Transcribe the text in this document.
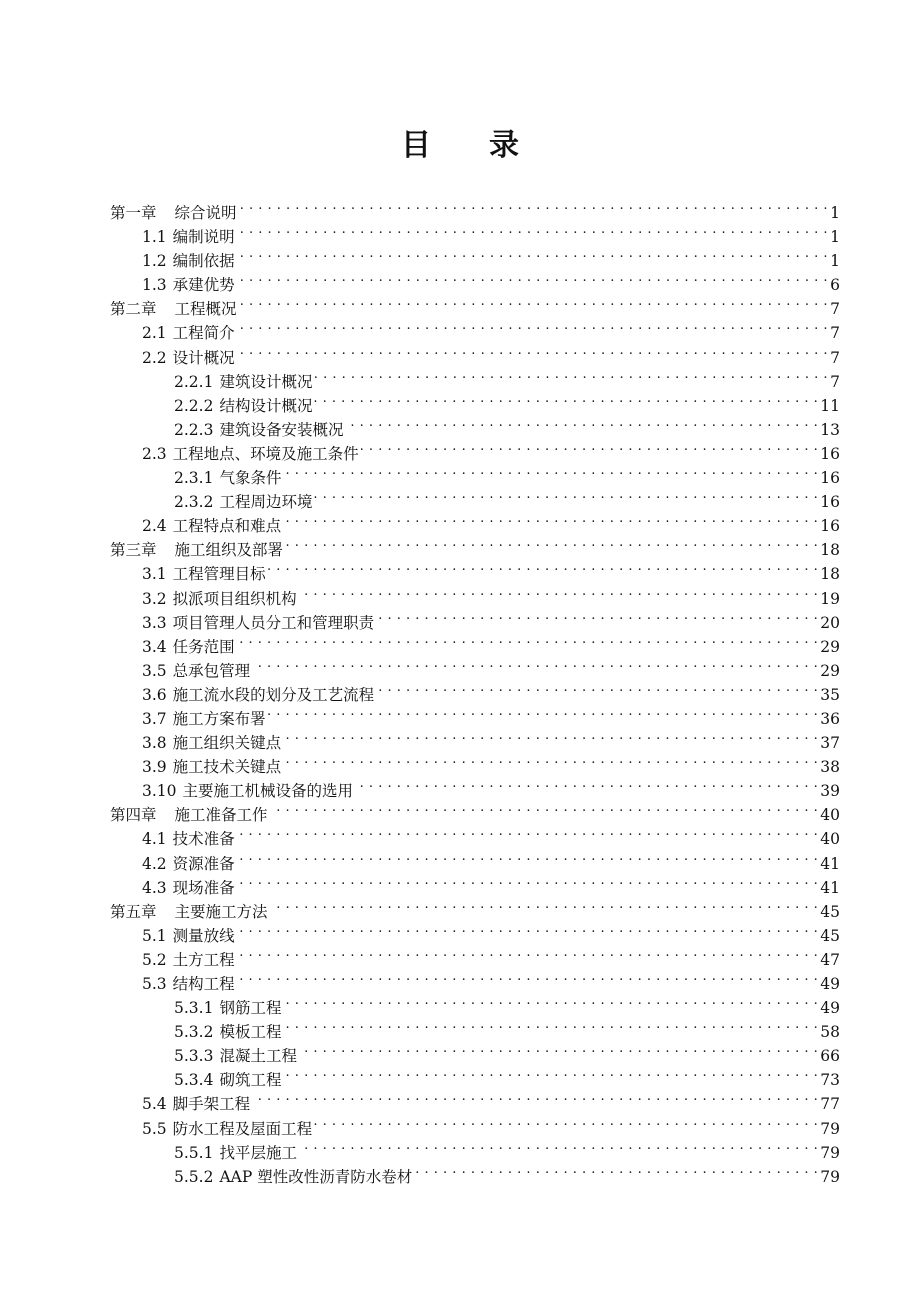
目 录
第一章 综合说明 . . .	1
1.1 编制说明 . . .	1
1.2 编制依据 . . .	1
1.3 承建优势 . . .	6
第二章 工程概况 . . .	7
2.1 工程简介 . . .	7
2.2 设计概况 . . .	7
2.2.1 建筑设计概况 . . .	7
2.2.2 结构设计概况 . . .	11
2.2.3 建筑设备安装概况 . . .	13
2.3 工程地点、环境及施工条件 . . .	16
2.3.1 气象条件 . . .	16
2.3.2 工程周边环境 . . .	16
2.4 工程特点和难点 . . .	16
第三章 施工组织及部署 . . .	18
3.1 工程管理目标 . . .	18
3.2 拟派项目组织机构 . . .	19
3.3 项目管理人员分工和管理职责 . . .	20
3.4 任务范围 . . .	29
3.5 总承包管理 . . .	29
3.6 施工流水段的划分及工艺流程 . . .	35
3.7 施工方案布署 . . .	36
3.8 施工组织关键点 . . .	37
3.9 施工技术关键点 . . .	38
3.10 主要施工机械设备的选用 . . .	39
第四章 施工准备工作 . . .	40
4.1 技术准备 . . .	40
4.2 资源准备 . . .	41
4.3 现场准备 . . .	41
第五章 主要施工方法 . . .	45
5.1 测量放线 . . .	45
5.2 土方工程 . . .	47
5.3 结构工程 . . .	49
5.3.1 钢筋工程 . . .	49
5.3.2 模板工程 . . .	58
5.3.3 混凝土工程 . . .	66
5.3.4 砌筑工程 . . .	73
5.4 脚手架工程 . . .	77
5.5 防水工程及屋面工程 . . .	79
5.5.1 找平层施工 . . .	79
5.5.2 AAP 塑性改性沥青防水卷材 . . .	79
